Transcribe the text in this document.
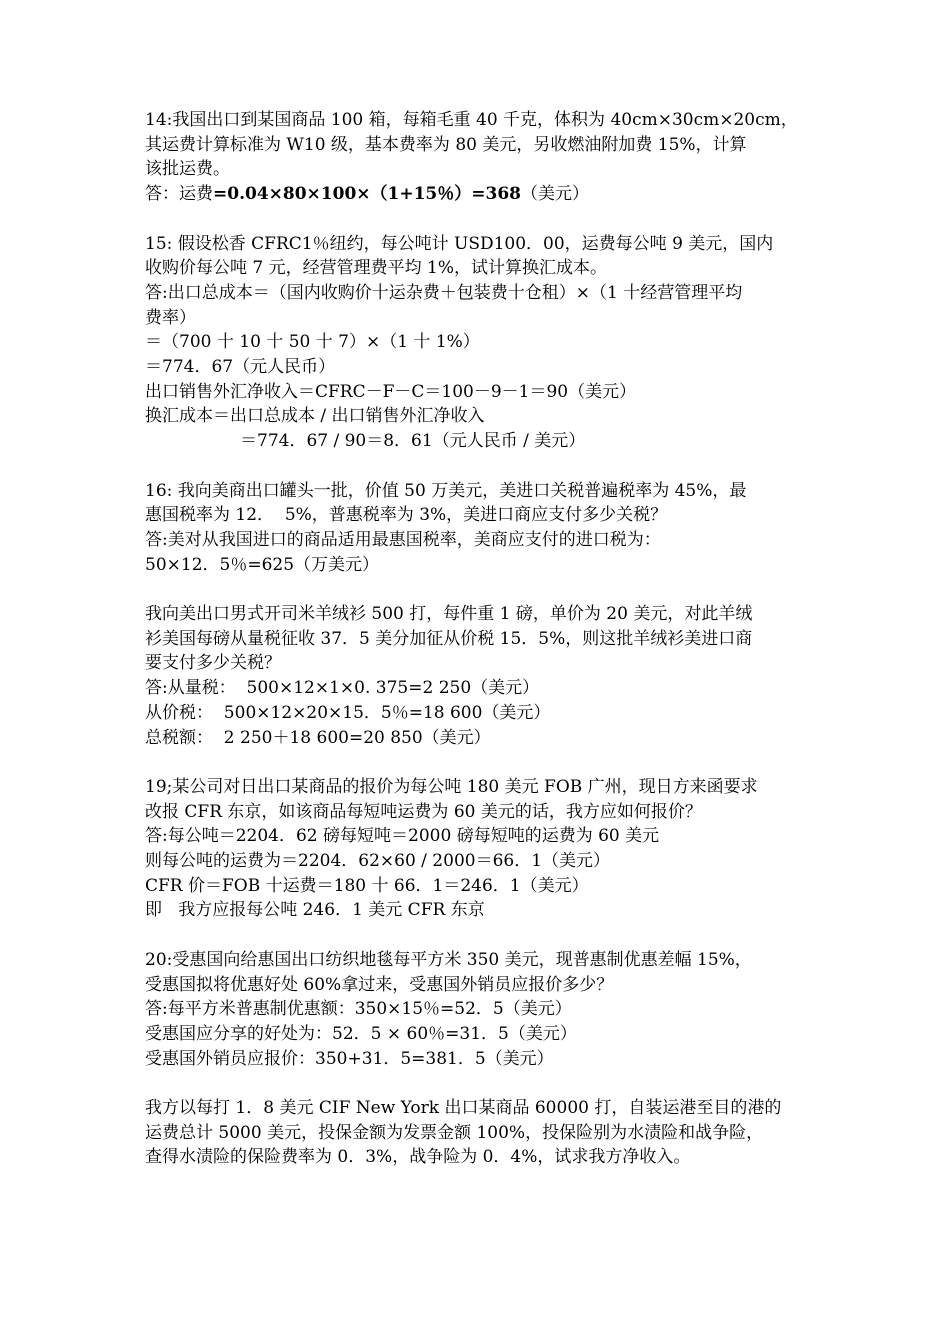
14:我国出口到某国商品 100 箱，每箱毛重 40 千克，体积为 40cm×30cm×20cm，

其运费计算标准为 W10 级，基本费率为 80 美元，另收燃油附加费 15%，计算

该批运费。

答：运费=0.04×80×100×（1+15％）=368（美元）

15: 假设松香 CFRC1％纽约，每公吨计 USD100．00，运费每公吨 9 美元，国内

收购价每公吨 7 元，经营管理费平均 1%，试计算换汇成本。

答:出口总成本＝（国内收购价十运杂费＋包装费十仓租）×（1 十经营管理平均

费率）

＝（700 十 10 十 50 十 7）×（1 十 1%）

＝774．67（元人民币）

出口销售外汇净收入＝CFRC－F－C＝100－9－1＝90（美元）

换汇成本＝出口总成本 / 出口销售外汇净收入

＝774．67 / 90＝8．61（元人民币 / 美元）

16: 我向美商出口罐头一批，价值 50 万美元，美进口关税普遍税率为 45%，最

惠国税率为 12．  5%，普惠税率为 3%，美进口商应支付多少关税？

答:美对从我国进口的商品适用最惠国税率，美商应支付的进口税为：

50×12．5％=625（万美元）

我向美出口男式开司米羊绒衫 500 打，每件重 1 磅，单价为 20 美元，对此羊绒

衫美国每磅从量税征收 37．5 美分加征从价税 15．5%，则这批羊绒衫美进口商

要支付多少关税？

答:从量税：  500×12×1×0. 375=2 250（美元）

从价税：  500×12×20×15．5％=18 600（美元）

总税额：  2 250＋18 600=20 850（美元）

19;某公司对日出口某商品的报价为每公吨 180 美元 FOB 广州，现日方来函要求

改报 CFR 东京，如该商品每短吨运费为 60 美元的话，我方应如何报价？

答:每公吨＝2204．62 磅每短吨＝2000 磅每短吨的运费为 60 美元

则每公吨的运费为＝2204．62×60 / 2000＝66．1（美元）

CFR 价＝FOB 十运费＝180 十 66．1＝246．1（美元）

即   我方应报每公吨 246．1 美元 CFR 东京

20:受惠国向给惠国出口纺织地毯每平方米 350 美元，现普惠制优惠差幅 15%，

受惠国拟将优惠好处 60%拿过来，受惠国外销员应报价多少？

答:每平方米普惠制优惠额：350×15％=52．5（美元）

受惠国应分享的好处为：52．5 × 60％=31．5（美元）

受惠国外销员应报价：350+31．5=381．5（美元）

我方以每打 1．8 美元 CIF New York 出口某商品 60000 打，自装运港至目的港的

运费总计 5000 美元，投保金额为发票金额 100%，投保险别为水渍险和战争险，

查得水渍险的保险费率为 0．3%，战争险为 0．4%，试求我方净收入。
